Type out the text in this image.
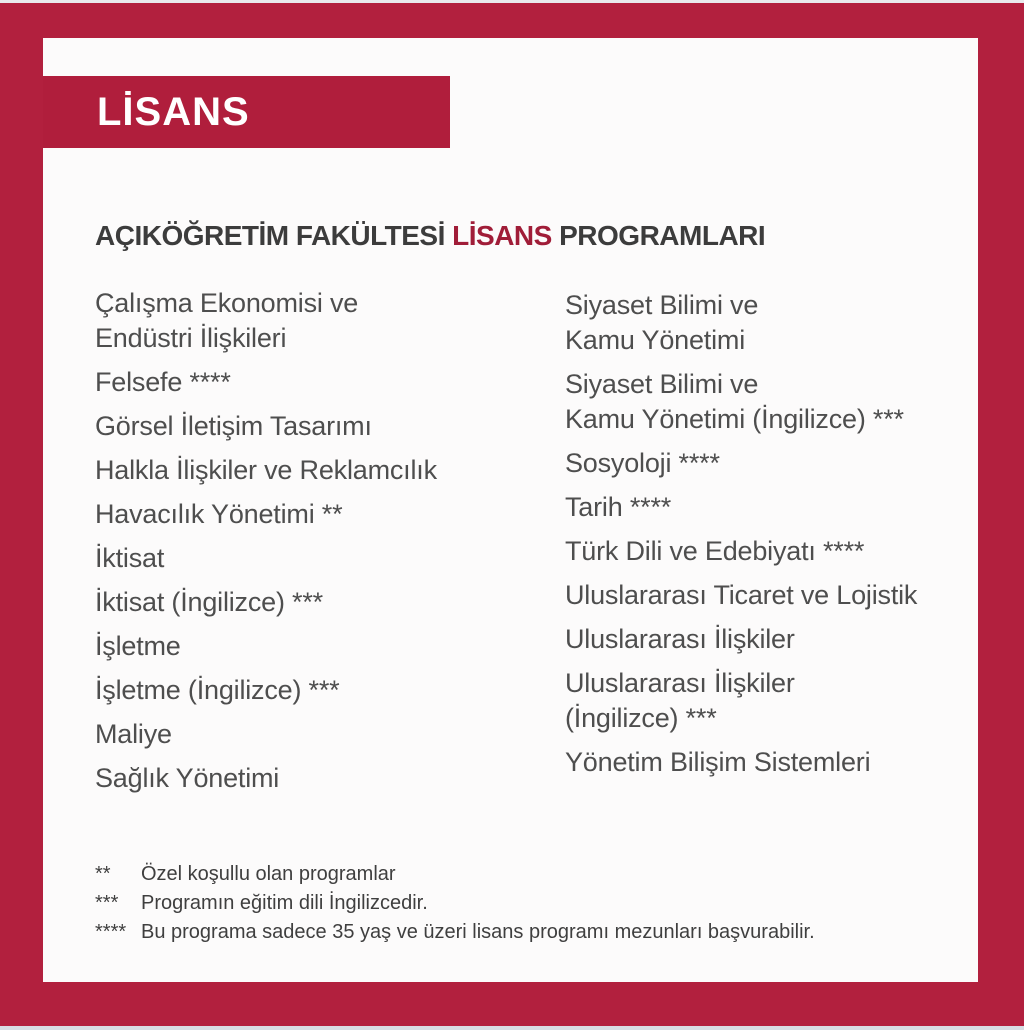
LİSANS
AÇIKÖĞRETİM FAKÜLTESİ LİSANS PROGRAMLARI
Çalışma Ekonomisi ve
Endüstri İlişkileri
Felsefe ****
Görsel İletişim Tasarımı
Halkla İlişkiler ve Reklamcılık
Havacılık Yönetimi **
İktisat
İktisat (İngilizce) ***
İşletme
İşletme (İngilizce) ***
Maliye
Sağlık Yönetimi
Siyaset Bilimi ve
Kamu Yönetimi
Siyaset Bilimi ve
Kamu Yönetimi (İngilizce) ***
Sosyoloji ****
Tarih ****
Türk Dili ve Edebiyatı ****
Uluslararası Ticaret ve Lojistik
Uluslararası İlişkiler
Uluslararası İlişkiler
(İngilizce) ***
Yönetim Bilişim Sistemleri
**	Özel koşullu olan programlar
***	Programın eğitim dili İngilizcedir.
**** Bu programa sadece 35 yaş ve üzeri lisans programı mezunları başvurabilir.
